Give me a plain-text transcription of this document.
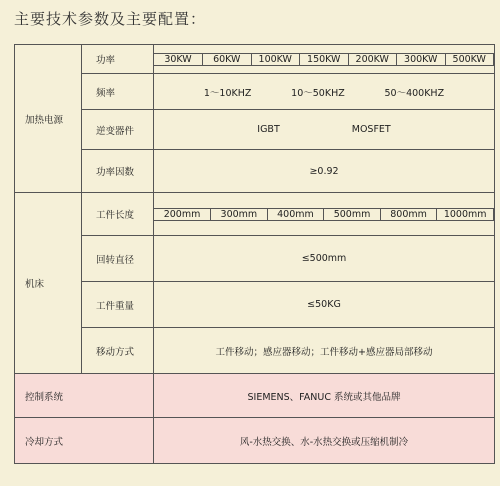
主要技术参数及主要配置：
加热电源	功率		30KW	60KW	100KW	150KW	200KW	300KW	500KW

频率	1～10KHZ	10～50KHZ	50～400KHZ

逆变器件	IGBT	MOSFET

功率因数	≥0.92
机床	工件长度		200mm	300mm	400mm	500mm	800mm	1000mm

回转直径	≤500mm
工件重量	≤50KG
移动方式	工件移动；感应器移动；工件移动+感应器局部移动
控制系统	SIEMENS、FANUC 系统或其他品牌
冷却方式	风-水热交换、水-水热交换或压缩机制冷
